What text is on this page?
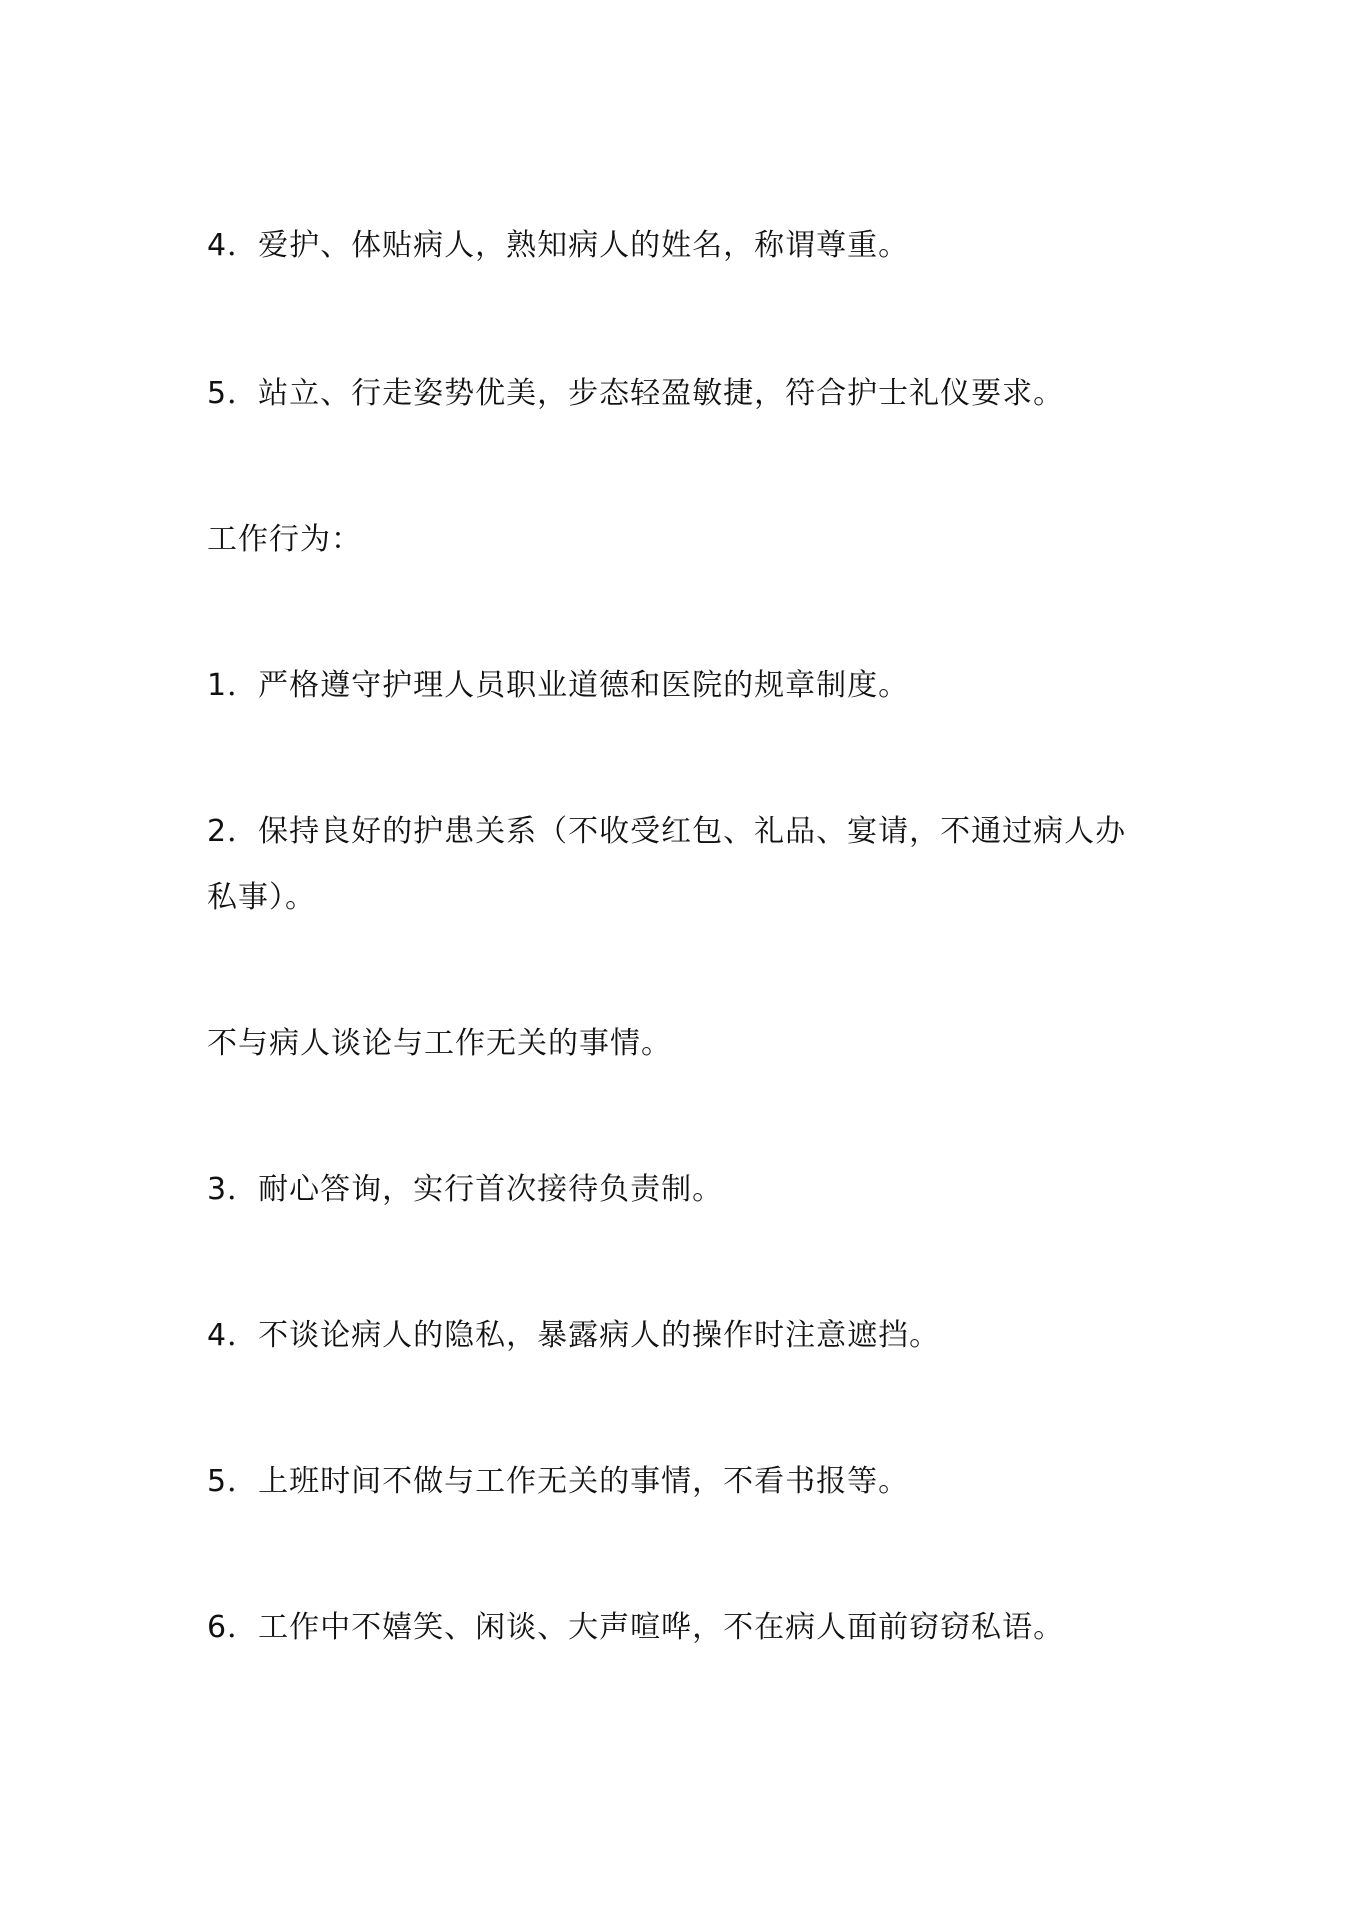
4．爱护、体贴病人，熟知病人的姓名，称谓尊重。
5．站立、行走姿势优美，步态轻盈敏捷，符合护士礼仪要求。
工作行为：
1．严格遵守护理人员职业道德和医院的规章制度。
2．保持良好的护患关系（不收受红包、礼品、宴请，不通过病人办
私事）。
不与病人谈论与工作无关的事情。
3．耐心答询，实行首次接待负责制。
4．不谈论病人的隐私，暴露病人的操作时注意遮挡。
5．上班时间不做与工作无关的事情，不看书报等。
6．工作中不嬉笑、闲谈、大声喧哗，不在病人面前窃窃私语。
